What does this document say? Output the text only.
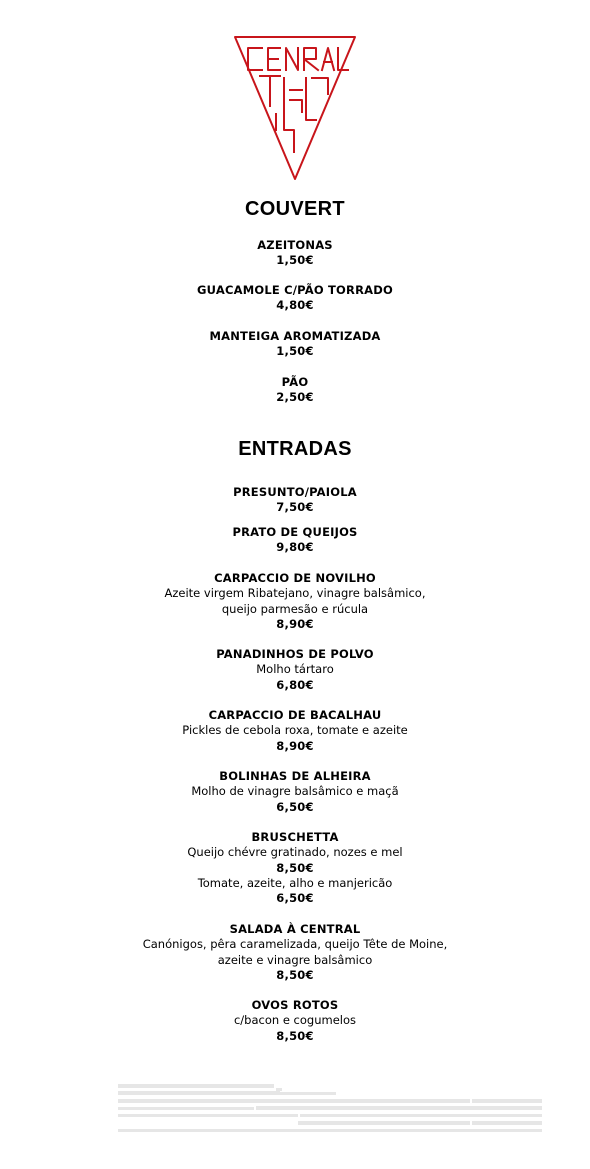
COUVERT
AZEITONAS
1,50€
GUACAMOLE C/PÃO TORRADO
4,80€
MANTEIGA AROMATIZADA
1,50€
PÃO
2,50€
ENTRADAS
PRESUNTO/PAIOLA
7,50€
PRATO DE QUEIJOS
9,80€
CARPACCIO DE NOVILHO
Azeite virgem Ribatejano, vinagre balsâmico,
queijo parmesão e rúcula
8,90€
PANADINHOS DE POLVO
Molho tártaro
6,80€
CARPACCIO DE BACALHAU
Pickles de cebola roxa, tomate e azeite
8,90€
BOLINHAS DE ALHEIRA
Molho de vinagre balsâmico e maçã
6,50€
BRUSCHETTA
Queijo chévre gratinado, nozes e mel
8,50€
Tomate, azeite, alho e manjericão
6,50€
SALADA À CENTRAL
Canónigos, pêra caramelizada, queijo Tête de Moine,
azeite e vinagre balsâmico
8,50€
OVOS ROTOS
c/bacon e cogumelos
8,50€
